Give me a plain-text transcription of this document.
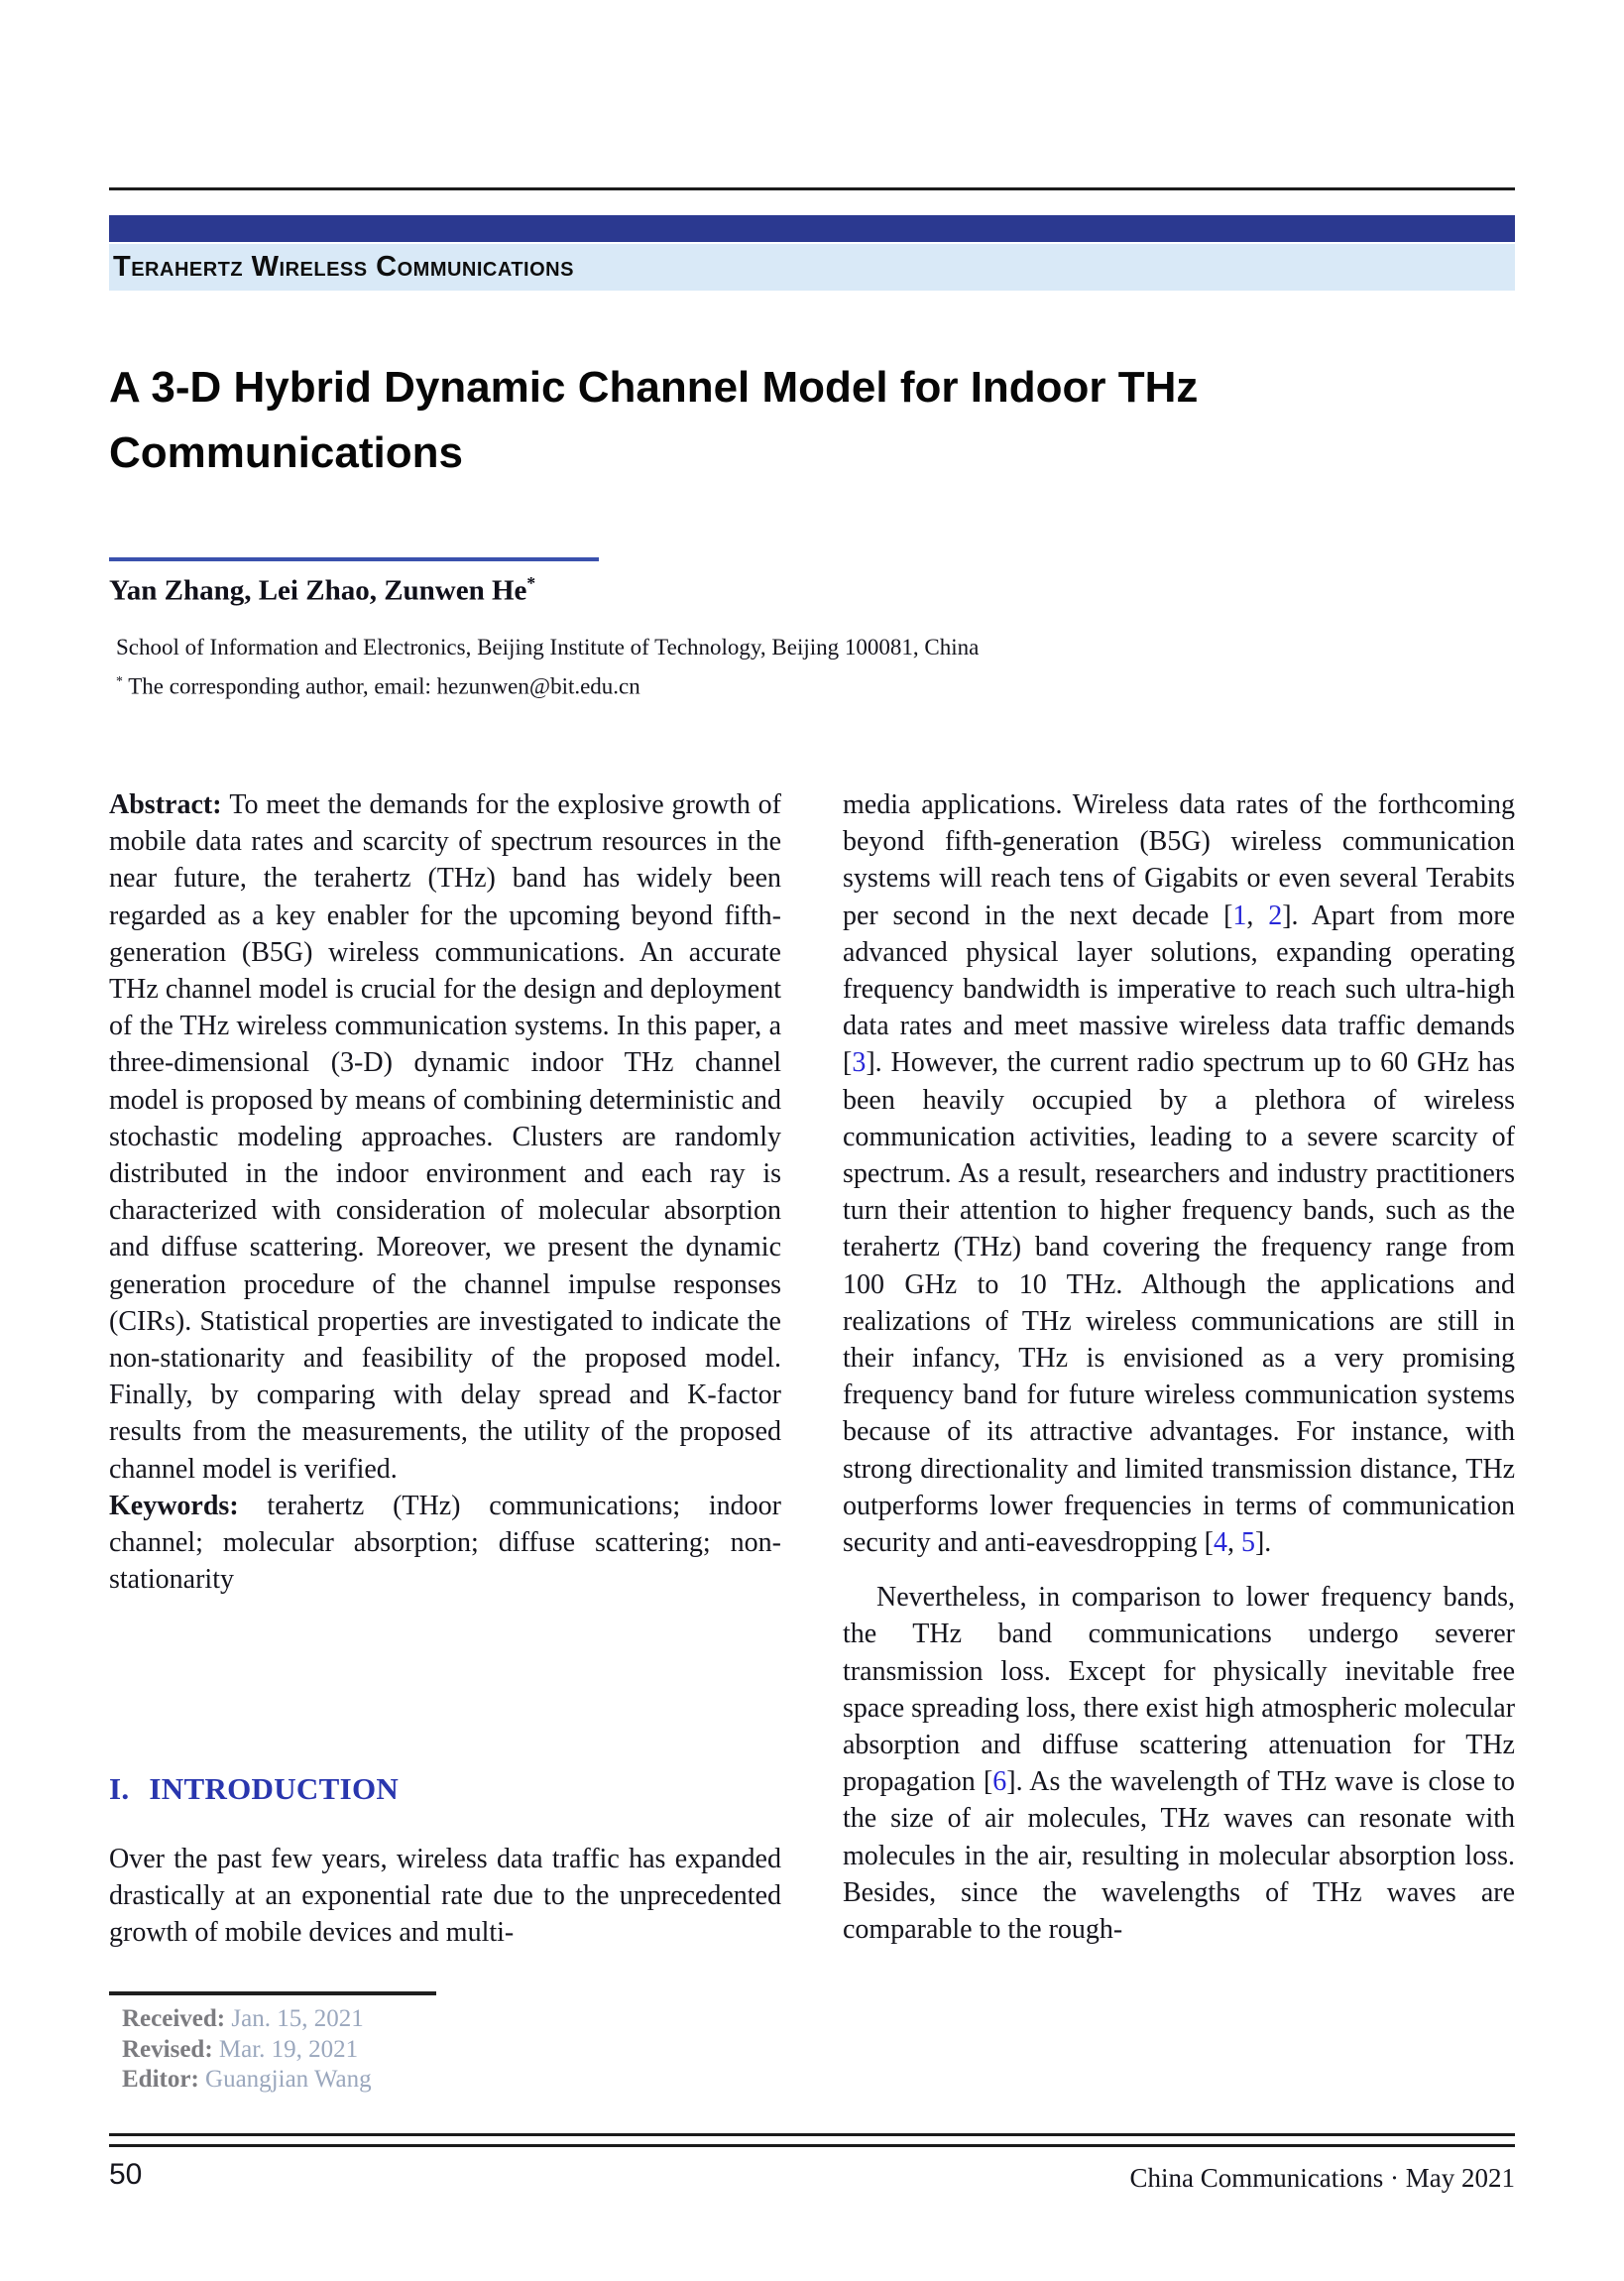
Terahertz Wireless Communications
A 3-D Hybrid Dynamic Channel Model for Indoor THz Communications
Yan Zhang, Lei Zhao, Zunwen He*
School of Information and Electronics, Beijing Institute of Technology, Beijing 100081, China
* The corresponding author, email: hezunwen@bit.edu.cn

Abstract: To meet the demands for the explosive growth of mobile data rates and scarcity of spectrum resources in the near future, the terahertz (THz) band has widely been regarded as a key enabler for the upcoming beyond fifth-generation (B5G) wireless communications. An accurate THz channel model is crucial for the design and deployment of the THz wireless communication systems. In this paper, a three-dimensional (3-D) dynamic indoor THz channel model is proposed by means of combining deterministic and stochastic modeling approaches. Clusters are randomly distributed in the indoor environment and each ray is characterized with consideration of molecular absorption and diffuse scattering. Moreover, we present the dynamic generation procedure of the channel impulse responses (CIRs). Statistical properties are investigated to indicate the non-stationarity and feasibility of the proposed model. Finally, by comparing with delay spread and K-factor results from the measurements, the utility of the proposed channel model is verified.

Keywords: terahertz (THz) communications; indoor channel; molecular absorption; diffuse scattering; non-stationarity

I. INTRODUCTION

Over the past few years, wireless data traffic has expanded drastically at an exponential rate due to the unprecedented growth of mobile devices and multi-

Received: Jan. 15, 2021
Revised: Mar. 19, 2021
Editor: Guangjian Wang

media applications. Wireless data rates of the forthcoming beyond fifth-generation (B5G) wireless communication systems will reach tens of Gigabits or even several Terabits per second in the next decade [1, 2]. Apart from more advanced physical layer solutions, expanding operating frequency bandwidth is imperative to reach such ultra-high data rates and meet massive wireless data traffic demands [3]. However, the current radio spectrum up to 60 GHz has been heavily occupied by a plethora of wireless communication activities, leading to a severe scarcity of spectrum. As a result, researchers and industry practitioners turn their attention to higher frequency bands, such as the terahertz (THz) band covering the frequency range from 100 GHz to 10 THz. Although the applications and realizations of THz wireless communications are still in their infancy, THz is envisioned as a very promising frequency band for future wireless communication systems because of its attractive advantages. For instance, with strong directionality and limited transmission distance, THz outperforms lower frequencies in terms of communication security and anti-eavesdropping [4, 5].

Nevertheless, in comparison to lower frequency bands, the THz band communications undergo severer transmission loss. Except for physically inevitable free space spreading loss, there exist high atmospheric molecular absorption and diffuse scattering attenuation for THz propagation [6]. As the wavelength of THz wave is close to the size of air molecules, THz waves can resonate with molecules in the air, resulting in molecular absorption loss. Besides, since the wavelengths of THz waves are comparable to the rough-

50	China Communications · May 2021
